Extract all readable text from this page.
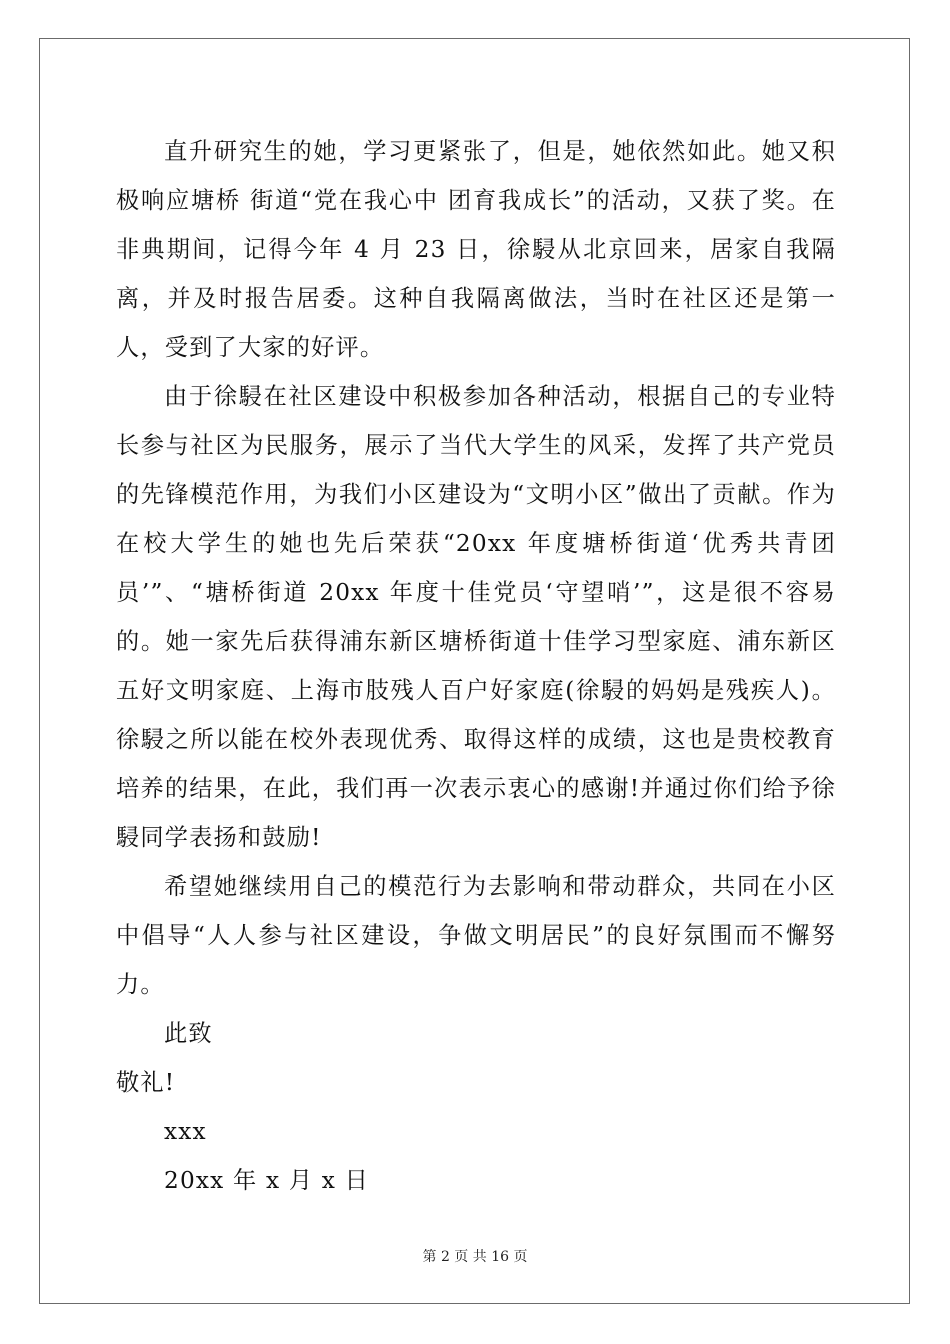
直升研究生的她，学习更紧张了，但是，她依然如此。她又积极响应塘桥 街道“党在我心中 团育我成长”的活动，又获了奖。在非典期间，记得今年 4 月 23 日，徐駸从北京回来，居家自我隔离，并及时报告居委。这种自我隔离做法，当时在社区还是第一人，受到了大家的好评。

由于徐駸在社区建设中积极参加各种活动，根据自己的专业特长参与社区为民服务，展示了当代大学生的风采，发挥了共产党员的先锋模范作用，为我们小区建设为“文明小区”做出了贡献。作为在校大学生的她也先后荣获“20xx 年度塘桥街道‘优秀共青团员’”、“塘桥街道 20xx 年度十佳党员‘守望哨’”，这是很不容易的。她一家先后获得浦东新区塘桥街道十佳学习型家庭、浦东新区五好文明家庭、上海市肢残人百户好家庭(徐駸的妈妈是残疾人)。徐駸之所以能在校外表现优秀、取得这样的成绩，这也是贵校教育培养的结果，在此，我们再一次表示衷心的感谢!并通过你们给予徐駸同学表扬和鼓励!

希望她继续用自己的模范行为去影响和带动群众，共同在小区中倡导“人人参与社区建设，争做文明居民”的良好氛围而不懈努力。

此致

敬礼!

xxx

20xx 年 x 月 x 日

第 2 页 共 16 页
